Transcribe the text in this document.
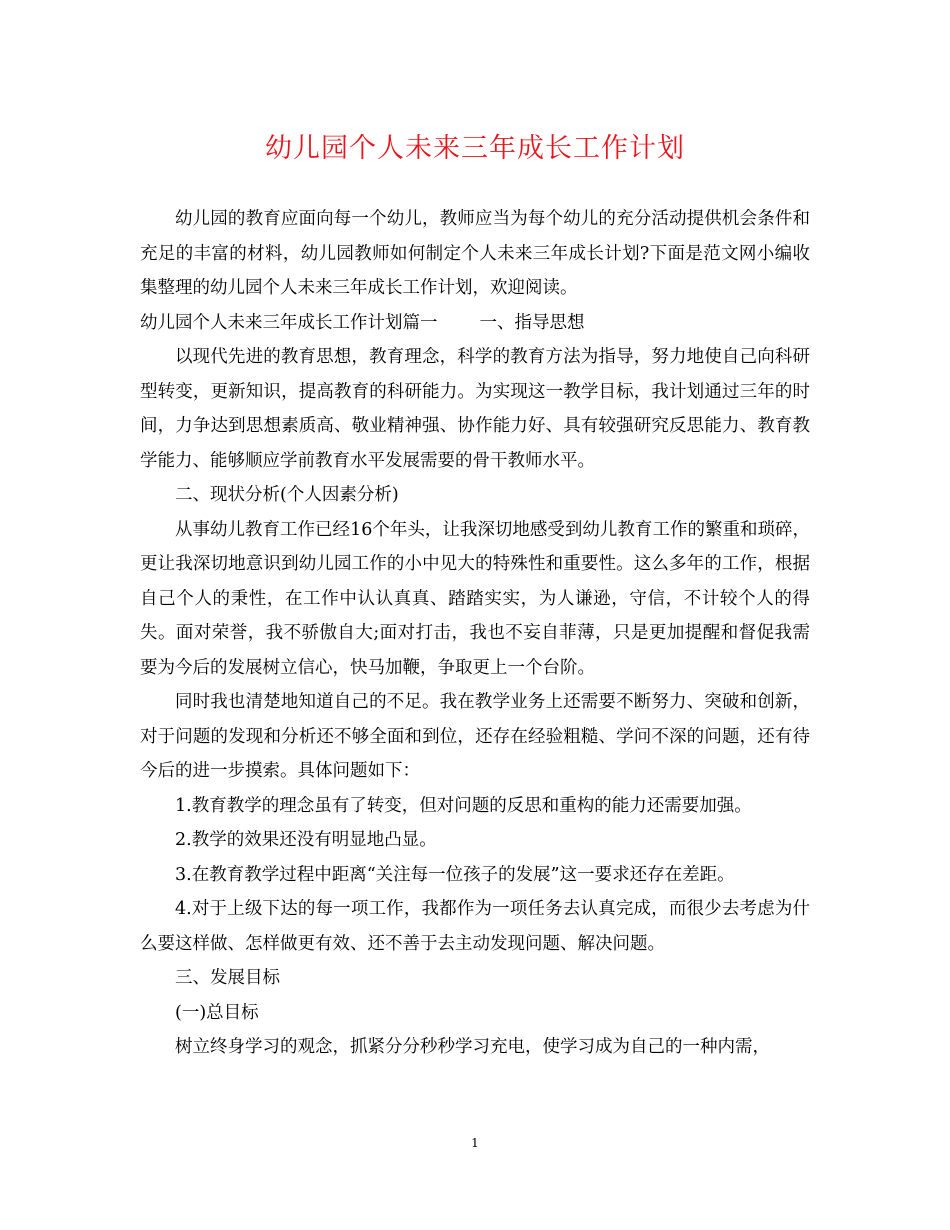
幼儿园个人未来三年成长工作计划

幼儿园的教育应面向每一个幼儿，教师应当为每个幼儿的充分活动提供机会条件和充足的丰富的材料，幼儿园教师如何制定个人未来三年成长计划?下面是范文网小编收集整理的幼儿园个人未来三年成长工作计划，欢迎阅读。

幼儿园个人未来三年成长工作计划篇一 一、指导思想

以现代先进的教育思想，教育理念，科学的教育方法为指导，努力地使自己向科研型转变，更新知识，提高教育的科研能力。为实现这一教学目标，我计划通过三年的时间，力争达到思想素质高、敬业精神强、协作能力好、具有较强研究反思能力、教育教学能力、能够顺应学前教育水平发展需要的骨干教师水平。

二、现状分析(个人因素分析)

从事幼儿教育工作已经16个年头，让我深切地感受到幼儿教育工作的繁重和琐碎，更让我深切地意识到幼儿园工作的小中见大的特殊性和重要性。这么多年的工作，根据自己个人的秉性，在工作中认认真真、踏踏实实，为人谦逊，守信，不计较个人的得失。面对荣誉，我不骄傲自大;面对打击，我也不妄自菲薄，只是更加提醒和督促我需要为今后的发展树立信心，快马加鞭，争取更上一个台阶。

同时我也清楚地知道自己的不足。我在教学业务上还需要不断努力、突破和创新，对于问题的发现和分析还不够全面和到位，还存在经验粗糙、学问不深的问题，还有待今后的进一步摸索。具体问题如下：

1.教育教学的理念虽有了转变，但对问题的反思和重构的能力还需要加强。

2.教学的效果还没有明显地凸显。

3.在教育教学过程中距离“关注每一位孩子的发展”这一要求还存在差距。

4.对于上级下达的每一项工作，我都作为一项任务去认真完成，而很少去考虑为什么要这样做、怎样做更有效、还不善于去主动发现问题、解决问题。

三、发展目标

(一)总目标

树立终身学习的观念，抓紧分分秒秒学习充电，使学习成为自己的一种内需，

1
